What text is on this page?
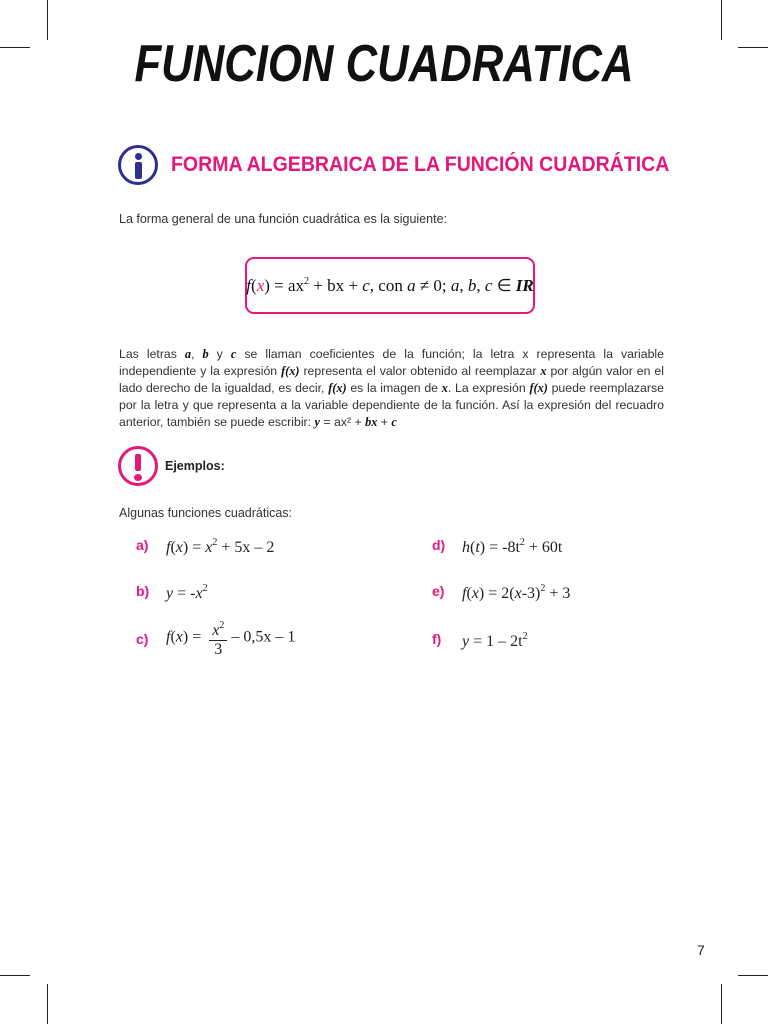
FUNCION CUADRATICA
FORMA ALGEBRAICA DE LA FUNCIÓN CUADRÁTICA
La forma general de una función cuadrática es la siguiente:
$f(x) = ax^2$ + bx + c, con a ≠ 0; a, b, c ∈ IR
Las letras a, b y c se llaman coeficientes de la función; la letra x representa la variable independiente y la expresión f(x) representa el valor obtenido al reemplazar x por algún valor en el lado derecho de la igualdad, es decir, f(x) es la imagen de x. La expresión f(x) puede reemplazarse por la letra y que representa a la variable dependiente de la función. Así la expresión del recuadro anterior, también se puede escribir: y = ax² + bx + c
Ejemplos:
Algunas funciones cuadráticas:
a) $f(x) = x^2 + 5x - 2$
b) $y = -x^2$
c) $f(x) = \frac{x^2}{3} - 0,5x - 1$
d) $h(t) = -8t^2 + 60t$
e) $f(x) = 2(x-3)^2 + 3$
f) $y = 1 - 2t^2$
7
